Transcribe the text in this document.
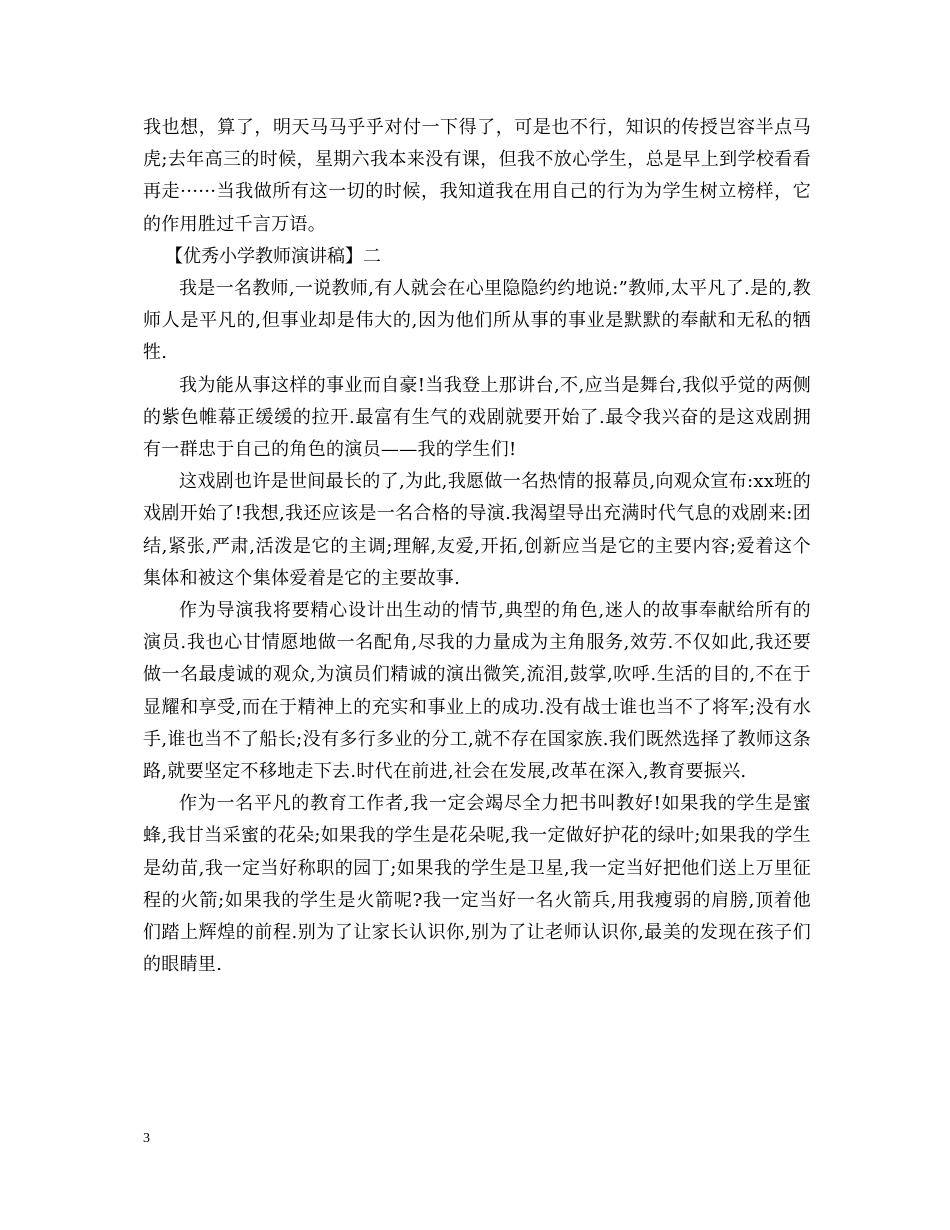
我也想，算了，明天马马乎乎对付一下得了，可是也不行，知识的传授岂容半点马虎;去年高三的时候，星期六我本来没有课，但我不放心学生，总是早上到学校看看再走······当我做所有这一切的时候，我知道我在用自己的行为为学生树立榜样，它的作用胜过千言万语。

【优秀小学教师演讲稿】二

我是一名教师,一说教师,有人就会在心里隐隐约约地说:”教师,太平凡了.是的,教师人是平凡的,但事业却是伟大的,因为他们所从事的事业是默默的奉献和无私的牺牲.

我为能从事这样的事业而自豪!当我登上那讲台,不,应当是舞台,我似乎觉的两侧的紫色帷幕正缓缓的拉开.最富有生气的戏剧就要开始了.最令我兴奋的是这戏剧拥有一群忠于自己的角色的演员——我的学生们!

这戏剧也许是世间最长的了,为此,我愿做一名热情的报幕员,向观众宣布:xx班的戏剧开始了!我想,我还应该是一名合格的导演.我渴望导出充满时代气息的戏剧来:团结,紧张,严肃,活泼是它的主调;理解,友爱,开拓,创新应当是它的主要内容;爱着这个集体和被这个集体爱着是它的主要故事.

作为导演我将要精心设计出生动的情节,典型的角色,迷人的故事奉献给所有的演员.我也心甘情愿地做一名配角,尽我的力量成为主角服务,效劳.不仅如此,我还要做一名最虔诚的观众,为演员们精诚的演出微笑,流泪,鼓掌,吹呼.生活的目的,不在于显耀和享受,而在于精神上的充实和事业上的成功.没有战士谁也当不了将军;没有水手,谁也当不了船长;没有多行多业的分工,就不存在国家族.我们既然选择了教师这条路,就要坚定不移地走下去.时代在前进,社会在发展,改革在深入,教育要振兴.

作为一名平凡的教育工作者,我一定会竭尽全力把书叫教好!如果我的学生是蜜蜂,我甘当采蜜的花朵;如果我的学生是花朵呢,我一定做好护花的绿叶;如果我的学生是幼苗,我一定当好称职的园丁;如果我的学生是卫星,我一定当好把他们送上万里征程的火箭;如果我的学生是火箭呢?我一定当好一名火箭兵,用我瘦弱的肩膀,顶着他们踏上辉煌的前程.别为了让家长认识你,别为了让老师认识你,最美的发现在孩子们的眼睛里.

3
